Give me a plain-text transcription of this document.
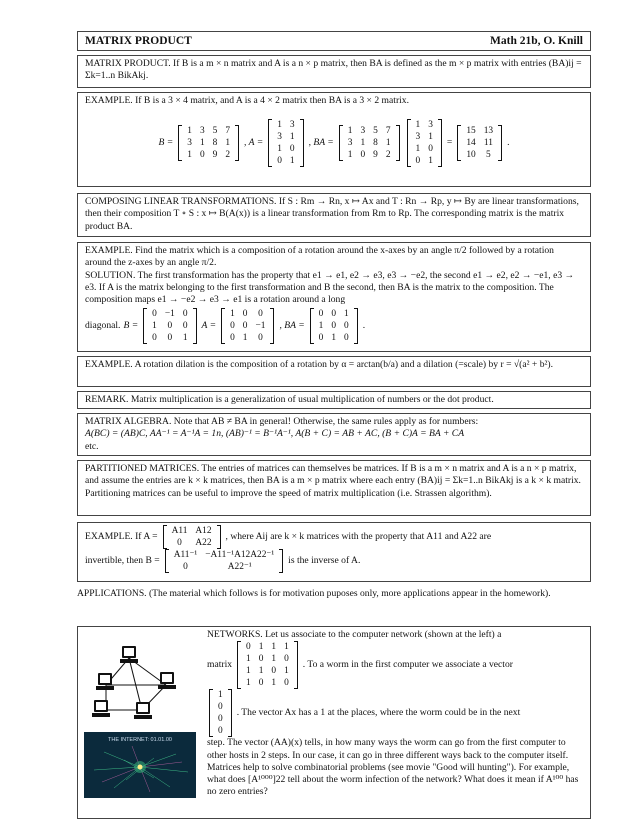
MATRIX PRODUCT	Math 21b, O. Knill

MATRIX PRODUCT. If B is a m × n matrix and A is a n × p matrix, then BA is defined as the m × p matrix with entries (BA)ij = Σk=1..n BikAkj.

EXAMPLE. If B is a 3 × 4 matrix, and A is a 4 × 2 matrix then BA is a 3 × 2 matrix.

B =
1	3	5	7
3	1	8	1
1	0	9	2
, A =
1	3
3	1
1	0
0	1
, BA =
1	3	5	7
3	1	8	1
1	0	9	2
1	3
3	1
1	0
0	1
=
15	13
14	11
10	5
.

COMPOSING LINEAR TRANSFORMATIONS. If S : Rm → Rn, x ↦ Ax and T : Rn → Rp, y ↦ By are linear transformations, then their composition T ∘ S : x ↦ B(A(x)) is a linear transformation from Rm to Rp. The corresponding matrix is the matrix product BA.

EXAMPLE. Find the matrix which is a composition of a rotation around the x-axes by an angle π/2 followed by a rotation around the z-axes by an angle π/2.

SOLUTION. The first transformation has the property that e1 → e1, e2 → e3, e3 → −e2, the second e1 → e2, e2 → −e1, e3 → e3. If A is the matrix belonging to the first transformation and B the second, then BA is the matrix to the composition. The composition maps e1 → −e2 → e3 → e1 is a rotation around a long

diagonal. B =
0	−1	0
1	0	0
0	0	1
A =
1	0	0
0	0	−1
0	1	0
, BA =
0	0	1
1	0	0
0	1	0
.

EXAMPLE. A rotation dilation is the composition of a rotation by α = arctan(b/a) and a dilation (=scale) by r = √(a² + b²).

REMARK. Matrix multiplication is a generalization of usual multiplication of numbers or the dot product.

MATRIX ALGEBRA. Note that AB ≠ BA in general! Otherwise, the same rules apply as for numbers:

A(BC) = (AB)C, AA⁻¹ = A⁻¹A = 1n, (AB)⁻¹ = B⁻¹A⁻¹, A(B + C) = AB + AC, (B + C)A = BA + CA

etc.

PARTITIONED MATRICES. The entries of matrices can themselves be matrices. If B is a m × n matrix and A is a n × p matrix, and assume the entries are k × k matrices, then BA is a m × p matrix where each entry (BA)ij = Σk=1..n BikAkj is a k × k matrix. Partitioning matrices can be useful to improve the speed of matrix multiplication (i.e. Strassen algorithm).

EXAMPLE. If A = A11	A12
0	A22
, where Aij are k × k matrices with the property that A11 and A22 are
invertible, then B = A11⁻¹	−A11⁻¹A12A22⁻¹
0	A22⁻¹
is the inverse of A.
APPLICATIONS. (The material which follows is for motivation puposes only, more applications appear in the homework).

NETWORKS. Let us associate to the computer network (shown at the left) a

matrix
0	1	1	1
1	0	1	0
1	1	0	1
1	0	1	0
. To a worm in the first computer we associate a vector
1
0
0
0
. The vector Ax has a 1 at the places, where the worm could be in the next

step. The vector (AA)(x) tells, in how many ways the worm can go from the first computer to other hosts in 2 steps. In our case, it can go in three different ways back to the computer itself.

Matrices help to solve combinatorial problems (see movie "Good will hunting"). For example, what does [A¹⁰⁰⁰]22 tell about the worm infection of the network? What does it mean if A¹⁰⁰ has no zero entries?

THE INTERNET: 01.01.00
